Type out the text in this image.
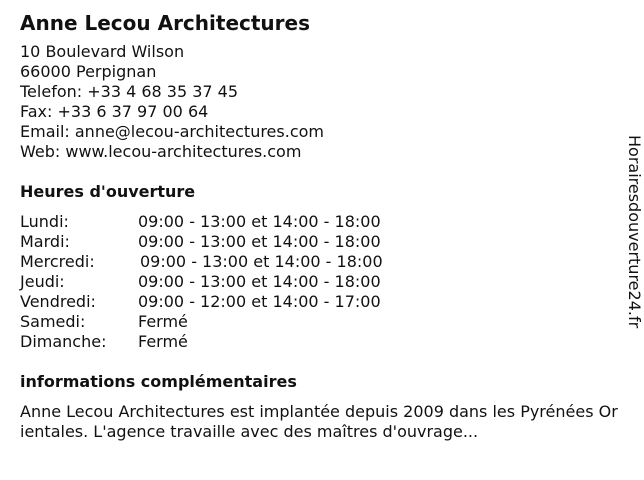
Anne Lecou Architectures
10 Boulevard Wilson
66000 Perpignan
Telefon: +33 4 68 35 37 45
Fax: +33 6 37 97 00 64
Email: anne@lecou-architectures.com
Web: www.lecou-architectures.com
Heures d'ouverture
Lundi:	09:00 - 13:00 et 14:00 - 18:00
Mardi:	09:00 - 13:00 et 14:00 - 18:00
Mercredi:	09:00 - 13:00 et 14:00 - 18:00
Jeudi:	09:00 - 13:00 et 14:00 - 18:00
Vendredi:	09:00 - 12:00 et 14:00 - 17:00
Samedi:	Fermé
Dimanche: Fermé
informations complémentaires
Anne Lecou Architectures est implantée depuis 2009 dans les Pyrénées Orientales. L'agence travaille avec des maîtres d'ouvrage...
Horairesdouverture24.fr
